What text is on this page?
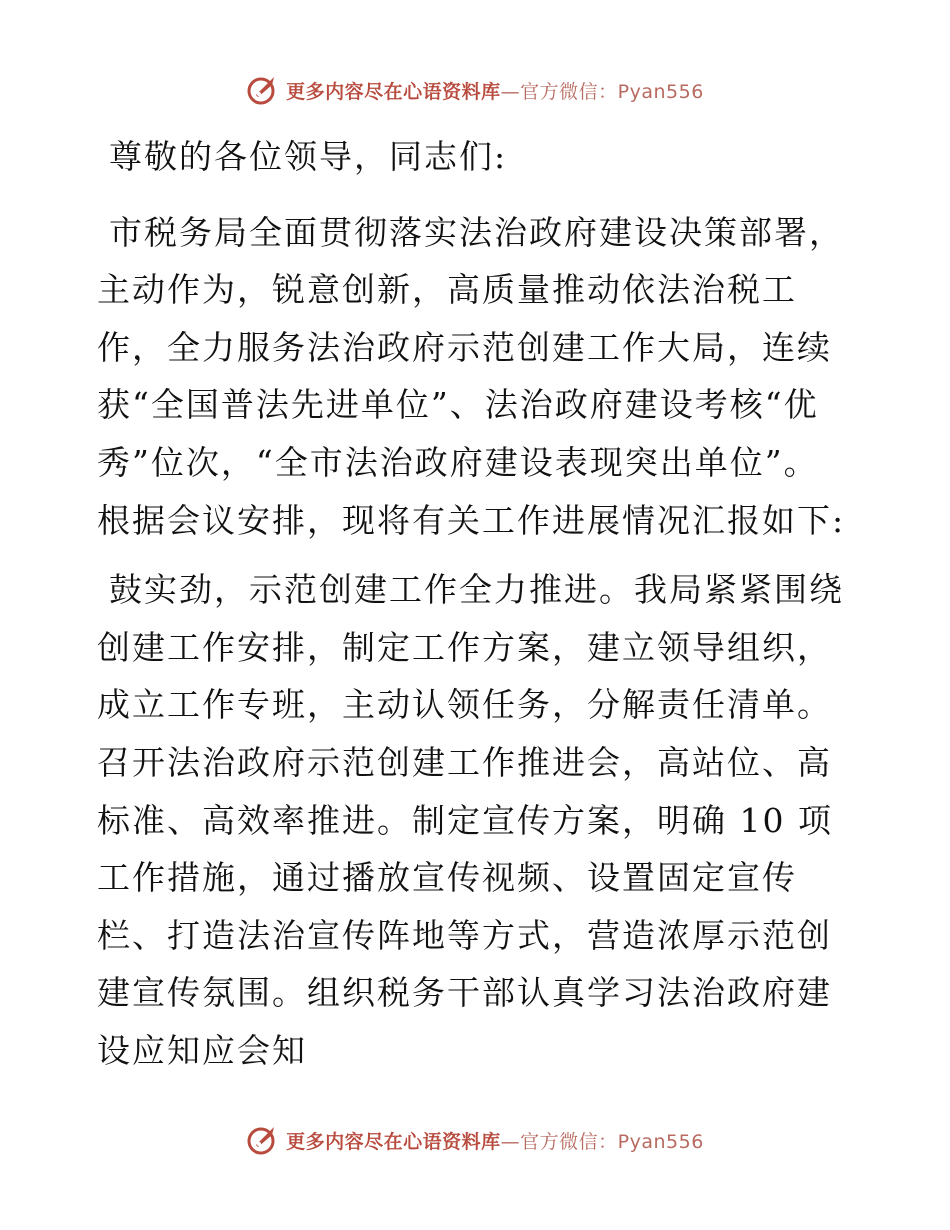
更多内容尽在心语资料库—官方微信：Pyan556

尊敬的各位领导，同志们:

市税务局全面贯彻落实法治政府建设决策部署，主动作为，锐意创新，高质量推动依法治税工作，全力服务法治政府示范创建工作大局，连续获“全国普法先进单位”、法治政府建设考核“优秀”位次，“全市法治政府建设表现突出单位”。根据会议安排，现将有关工作进展情况汇报如下:

鼓实劲，示范创建工作全力推进。我局紧紧围绕创建工作安排，制定工作方案，建立领导组织，成立工作专班，主动认领任务，分解责任清单。召开法治政府示范创建工作推进会，高站位、高标准、高效率推进。制定宣传方案，明确 10 项工作措施，通过播放宣传视频、设置固定宣传栏、打造法治宣传阵地等方式，营造浓厚示范创建宣传氛围。组织税务干部认真学习法治政府建设应知应会知

更多内容尽在心语资料库—官方微信：Pyan556
